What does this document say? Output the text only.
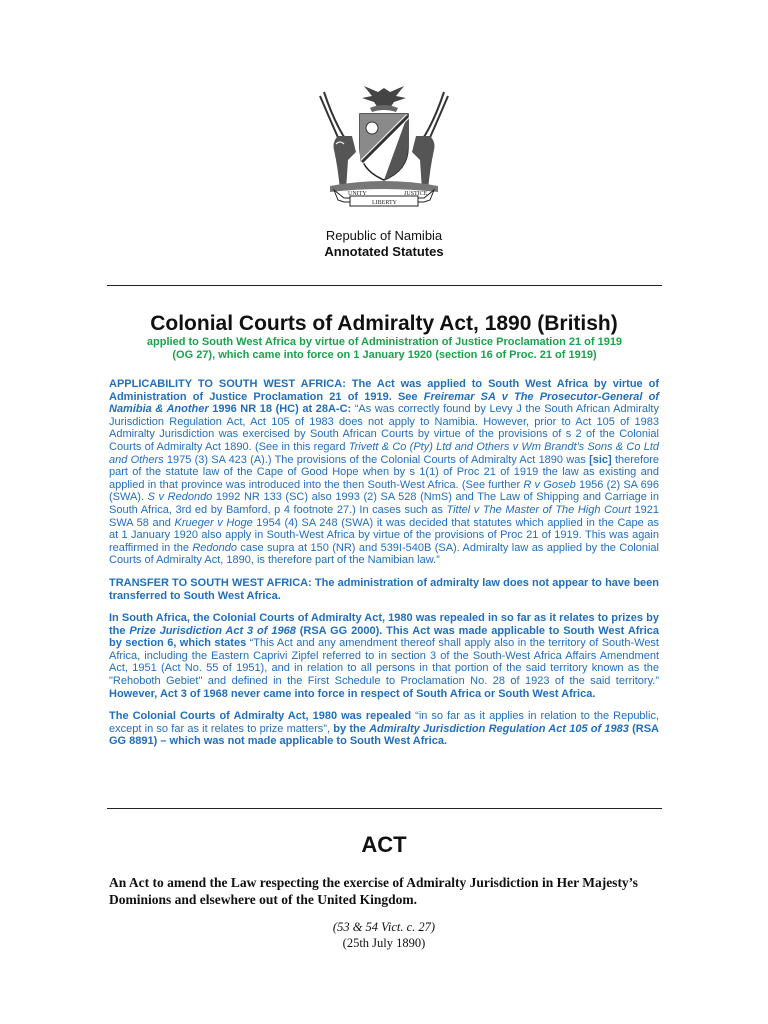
UNITY
LIBERTY
JUSTICE
Republic of Namibia
Annotated Statutes
Colonial Courts of Admiralty Act, 1890 (British)
applied to South West Africa by virtue of Administration of Justice Proclamation 21 of 1919
(OG 27), which came into force on 1 January 1920 (section 16 of Proc. 21 of 1919)

APPLICABILITY TO SOUTH WEST AFRICA: The Act was applied to South West Africa by virtue of Administration of Justice Proclamation 21 of 1919. See Freiremar SA v The Prosecutor-General of Namibia & Another 1996 NR 18 (HC) at 28A-C: “As was correctly found by Levy J the South African Admiralty Jurisdiction Regulation Act, Act 105 of 1983 does not apply to Namibia. However, prior to Act 105 of 1983 Admiralty Jurisdiction was exercised by South African Courts by virtue of the provisions of s 2 of the Colonial Courts of Admiralty Act 1890. (See in this regard Trivett & Co (Pty) Ltd and Others v Wm Brandt's Sons & Co Ltd and Others 1975 (3) SA 423 (A).) The provisions of the Colonial Courts of Admiralty Act 1890 was [sic] therefore part of the statute law of the Cape of Good Hope when by s 1(1) of Proc 21 of 1919 the law as existing and applied in that province was introduced into the then South-West Africa. (See further R v Goseb 1956 (2) SA 696 (SWA). S v Redondo 1992 NR 133 (SC) also 1993 (2) SA 528 (NmS) and The Law of Shipping and Carriage in South Africa, 3rd ed by Bamford, p 4 footnote 27.) In cases such as Tittel v The Master of The High Court 1921 SWA 58 and Krueger v Hoge 1954 (4) SA 248 (SWA) it was decided that statutes which applied in the Cape as at 1 January 1920 also apply in South-West Africa by virtue of the provisions of Proc 21 of 1919. This was again reaffirmed in the Redondo case supra at 150 (NR) and 539I-540B (SA). Admiralty law as applied by the Colonial Courts of Admiralty Act, 1890, is therefore part of the Namibian law.”

TRANSFER TO SOUTH WEST AFRICA: The administration of admiralty law does not appear to have been transferred to South West Africa.

In South Africa, the Colonial Courts of Admiralty Act, 1980 was repealed in so far as it relates to prizes by the Prize Jurisdiction Act 3 of 1968 (RSA GG 2000). This Act was made applicable to South West Africa by section 6, which states “This Act and any amendment thereof shall apply also in the territory of South-West Africa, including the Eastern Caprivi Zipfel referred to in section 3 of the South-West Africa Affairs Amendment Act, 1951 (Act No. 55 of 1951), and in relation to all persons in that portion of the said territory known as the "Rehoboth Gebiet" and defined in the First Schedule to Proclamation No. 28 of 1923 of the said territory.” However, Act 3 of 1968 never came into force in respect of South Africa or South West Africa.

The Colonial Courts of Admiralty Act, 1980 was repealed “in so far as it applies in relation to the Republic, except in so far as it relates to prize matters”, by the Admiralty Jurisdiction Regulation Act 105 of 1983 (RSA GG 8891) – which was not made applicable to South West Africa.

ACT
An Act to amend the Law respecting the exercise of Admiralty Jurisdiction in Her Majesty’s Dominions and elsewhere out of the United Kingdom.
(53 & 54 Vict. c. 27)
(25th July 1890)
